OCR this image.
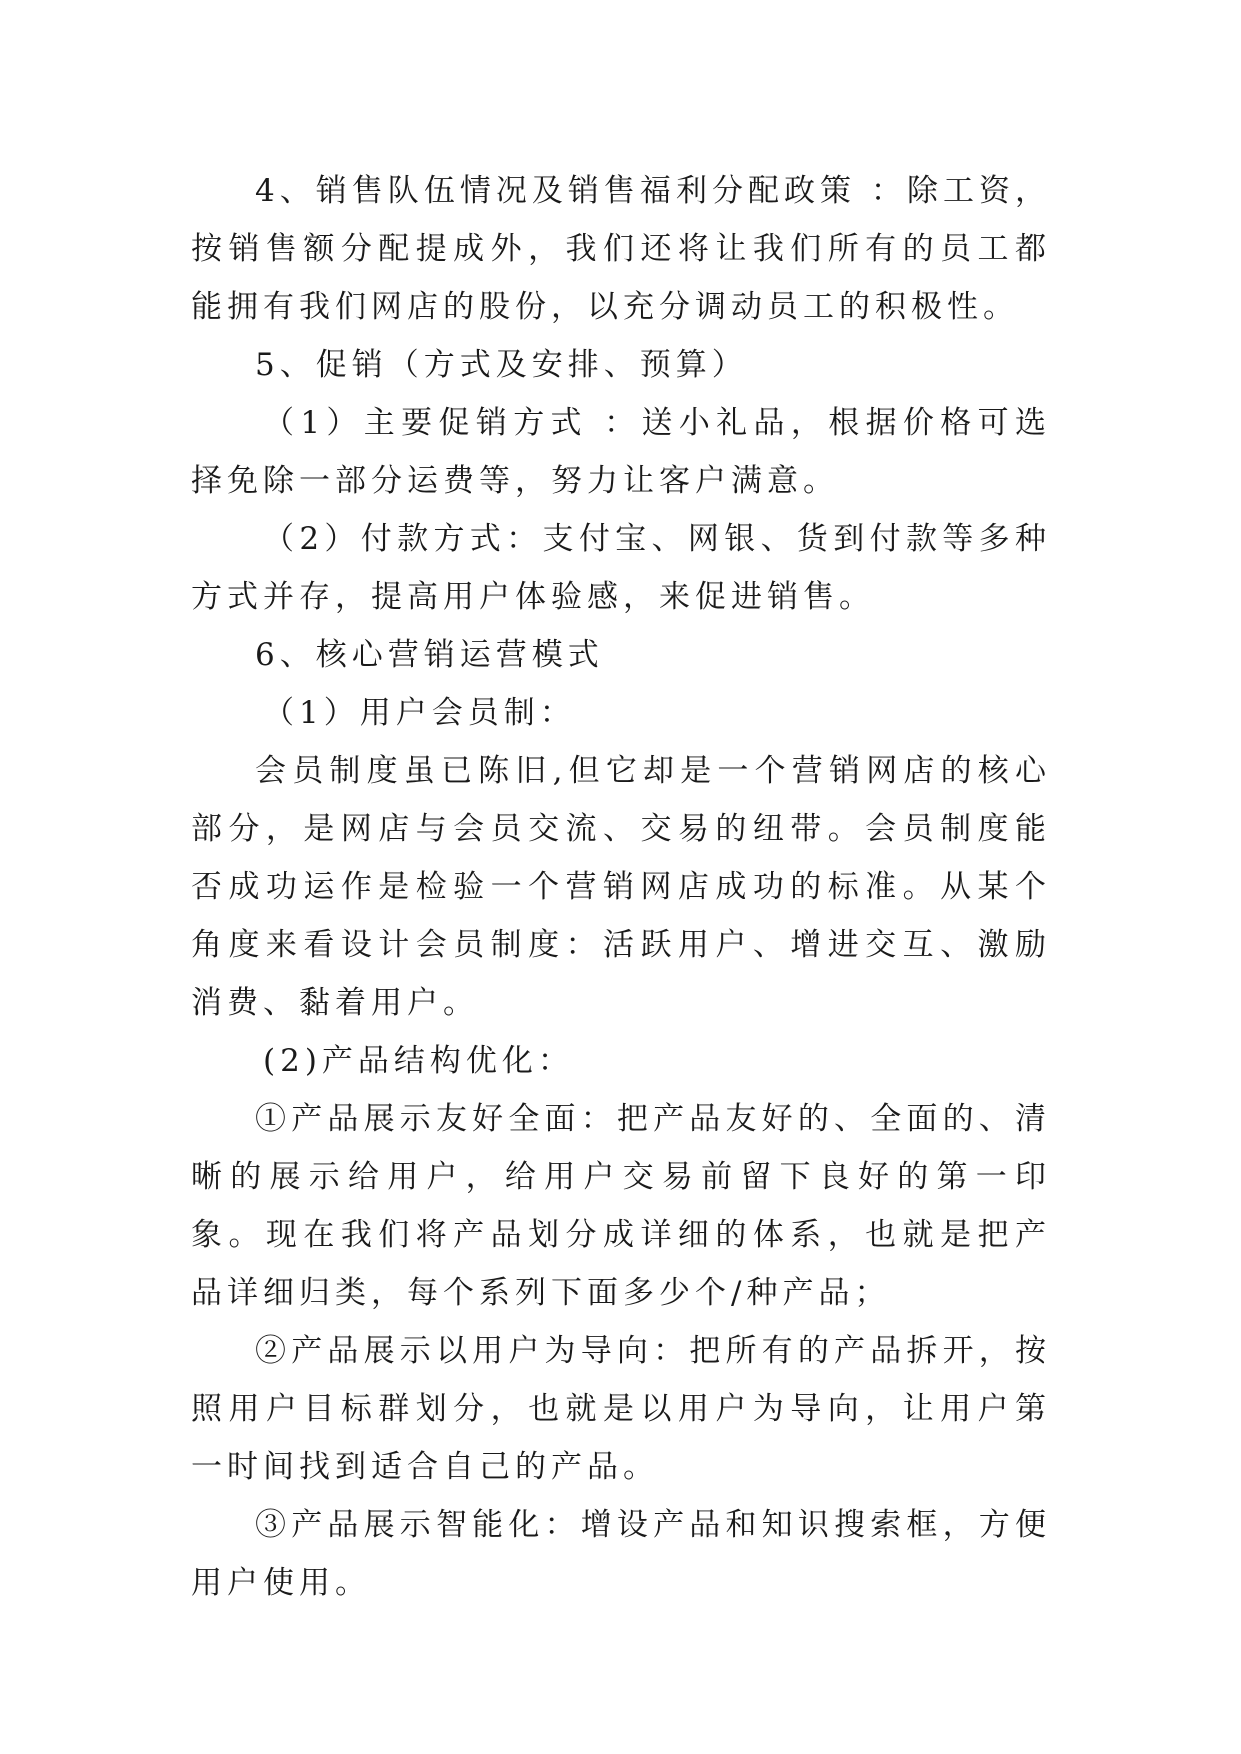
4、销售队伍情况及销售福利分配政策 ：除工资，按销售额分配提成外，我们还将让我们所有的员工都能拥有我们网店的股份，以充分调动员工的积极性。

5、促销（方式及安排、预算）

（1）主要促销方式 ：送小礼品，根据价格可选择免除一部分运费等，努力让客户满意。

（2）付款方式：支付宝、网银、货到付款等多种方式并存，提高用户体验感，来促进销售。

6、核心营销运营模式

（1）用户会员制：

会员制度虽已陈旧,但它却是一个营销网店的核心部分，是网店与会员交流、交易的纽带。会员制度能否成功运作是检验一个营销网店成功的标准。从某个角度来看设计会员制度：活跃用户、增进交互、激励消费、黏着用户。

(2)产品结构优化：

①产品展示友好全面：把产品友好的、全面的、清晰的展示给用户，给用户交易前留下良好的第一印象。现在我们将产品划分成详细的体系，也就是把产品详细归类，每个系列下面多少个/种产品；

②产品展示以用户为导向：把所有的产品拆开，按照用户目标群划分，也就是以用户为导向，让用户第一时间找到适合自己的产品。

③产品展示智能化：增设产品和知识搜索框，方便用户使用。
